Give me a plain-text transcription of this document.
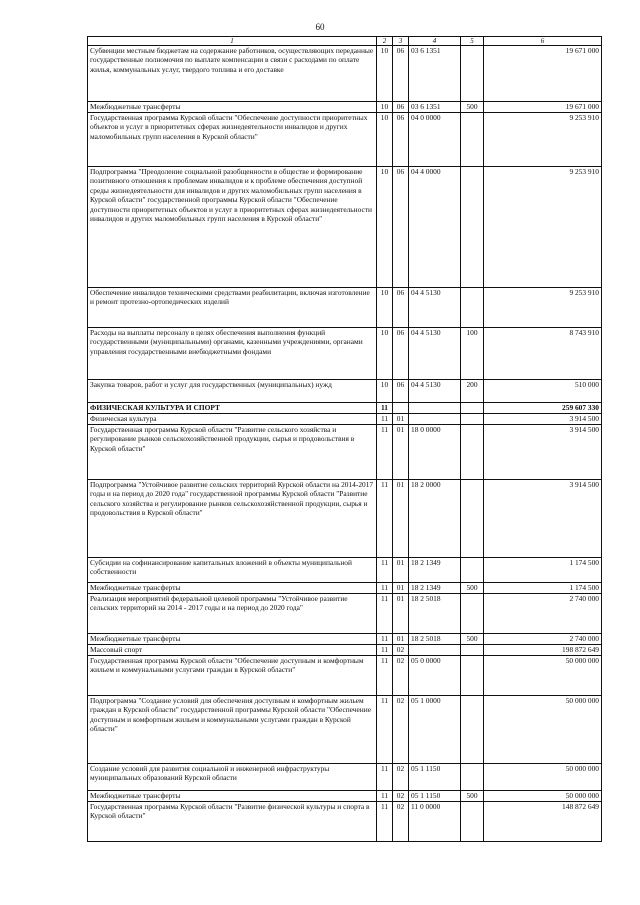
60
1	2	3	4	5	6
Субвенции местным бюджетам на содержание работников, осуществляющих переданные государственные полномочия по выплате компенсации в связи с расходами по оплате жилья, коммунальных услуг, твердого топлива и его доставке	10	06	03 6 1351		19 671 000
Межбюджетные трансферты	10	06	03 6 1351	500	19 671 000
Государственная программа Курской области "Обеспечение доступности приоритетных объектов и услуг в приоритетных сферах жизнедеятельности инвалидов и других маломобильных групп населения в Курской области"	10	06	04 0 0000		9 253 910
Подпрограмма "Преодоление социальной разобщенности в обществе и формирование позитивного отношения к проблемам инвалидов и к проблеме обеспечения доступной среды жизнедеятельности для инвалидов и других маломобильных групп населения в Курской области" государственной программы Курской области "Обеспечение доступности приоритетных объектов и услуг в приоритетных сферах жизнедеятельности инвалидов и других маломобильных групп населения в Курской области"	10	06	04 4 0000		9 253 910
Обеспечение инвалидов техническими средствами реабилитации, включая изготовление и ремонт протезно-ортопедических изделий	10	06	04 4 5130		9 253 910
Расходы на выплаты персоналу в целях обеспечения выполнения функций государственными (муниципальными) органами, казенными учреждениями, органами управления государственными внебюджетными фондами	10	06	04 4 5130	100	8 743 910
Закупка товаров, работ и услуг для государственных (муниципальных) нужд	10	06	04 4 5130	200	510 000
ФИЗИЧЕСКАЯ КУЛЬТУРА И СПОРТ	11				259 607 330
Физическая культура	11	01			3 914 500
Государственная программа Курской области "Развитие сельского хозяйства и регулирование рынков сельскохозяйственной продукции, сырья и продовольствия в Курской области"	11	01	18 0 0000		3 914 500
Подпрограмма "Устойчивое развитие сельских территорий Курской области на 2014-2017 годы и на период до 2020 года" государственной программы Курской области "Развитие сельского хозяйства и регулирование рынков сельскохозяйственной продукции, сырья и продовольствия в Курской области"	11	01	18 2 0000		3 914 500
Субсидии на софинансирование капитальных вложений в объекты муниципальной собственности	11	01	18 2 1349		1 174 500
Межбюджетные трансферты	11	01	18 2 1349	500	1 174 500
Реализация мероприятий федеральной целевой программы "Устойчивое развитие сельских территорий на 2014 - 2017 годы и на период до 2020 года"	11	01	18 2 5018		2 740 000
Межбюджетные трансферты	11	01	18 2 5018	500	2 740 000
Массовый спорт	11	02			198 872 649
Государственная программа Курской области "Обеспечение доступным и комфортным жильем и коммунальными услугами граждан в Курской области"	11	02	05 0 0000		50 000 000
Подпрограмма "Создание условий для обеспечения доступным и комфортным жильем граждан в Курской области" государственной программы Курской области "Обеспечение доступным и комфортным жильем и коммунальными услугами граждан в Курской области"	11	02	05 1 0000		50 000 000
Создание условий для развития социальной и инженерной инфраструктуры муниципальных образований Курской области	11	02	05 1 1150		50 000 000
Межбюджетные трансферты	11	02	05 1 1150	500	50 000 000
Государственная программа Курской области "Развитие физической культуры и спорта в Курской области"	11	02	11 0 0000		148 872 649
